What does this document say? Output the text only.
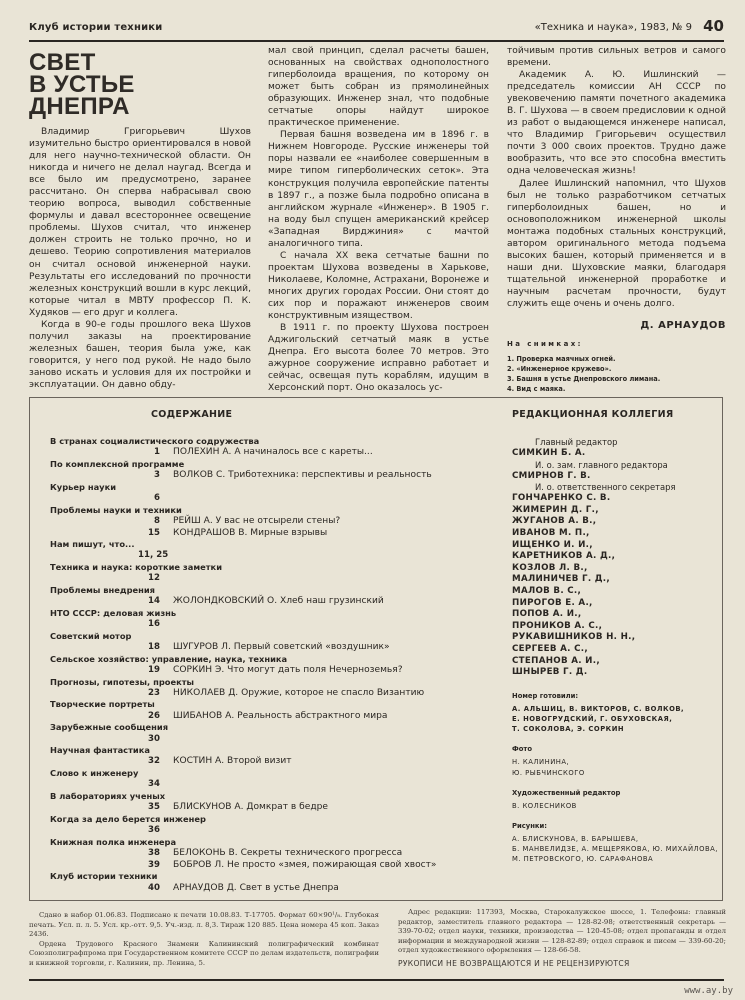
Клуб истории техники	«Техника и наука», 1983, № 9 40
СВЕТ
В УСТЬЕ
ДНЕПРА

Владимир Григорьевич Шухов изумительно быстро ориентировался в новой для него научно-технической области. Он никогда и ничего не делал наугад. Всегда и все было им предусмотрено, заранее рассчитано. Он сперва набрасывал свою теорию вопроса, выводил собственные формулы и давал всестороннее освещение проблемы. Шухов считал, что инженер должен строить не только прочно, но и дешево. Теорию сопротивления материалов он считал основой инженерной науки. Результаты его исследований по прочности железных конструкций вошли в курс лекций, которые читал в МВТУ профессор П. К. Худяков — его друг и коллега.

Когда в 90-е годы прошлого века Шухов получил заказы на проектирование железных башен, теория была уже, как говорится, у него под рукой. Не надо было заново искать и условия для их постройки и эксплуатации. Он давно обду-

мал свой принцип, сделал расчеты башен, основанных на свойствах однополостного гиперболоида вращения, по которому он может быть собран из прямолинейных образующих. Инженер знал, что подобные сетчатые опоры найдут широкое практическое применение.

Первая башня возведена им в 1896 г. в Нижнем Новгороде. Русские инженеры той поры назвали ее «наиболее совершенным в мире типом гиперболических сеток». Эта конструкция получила европейские патенты в 1897 г., а позже была подробно описана в английском журнале «Инженер». В 1905 г. на воду был спущен американский крейсер «Западная Вирджиния» с мачтой аналогичного типа.

С начала XX века сетчатые башни по проектам Шухова возведены в Харькове, Николаеве, Коломне, Астрахани, Воронеже и многих других городах России. Они стоят до сих пор и поражают инженеров своим конструктивным изяществом.

В 1911 г. по проекту Шухова построен Аджигольский сетчатый маяк в устье Днепра. Его высота более 70 метров. Это ажурное сооружение исправно работает и сейчас, освещая путь кораблям, идущим в Херсонский порт. Оно оказалось ус-

тойчивым против сильных ветров и самого времени.

Академик А. Ю. Ишлинский — председатель комиссии АН СССР по увековечению памяти почетного академика В. Г. Шухова — в своем предисловии к одной из работ о выдающемся инженере написал, что Владимир Григорьевич осуществил почти 3 000 своих проектов. Трудно даже вообразить, что все это способна вместить одна человеческая жизнь!

Далее Ишлинский напомнил, что Шухов был не только разработчиком сетчатых гиперболоидных башен, но и основоположником инженерной школы монтажа подобных стальных конструкций, автором оригинального метода подъема высоких башен, который применяется и в наши дни. Шуховские маяки, благодаря тщательной инженерной проработке и научным расчетам прочности, будут служить еще очень и очень долго.

Д. АРНАУДОВ
На снимках:
1. Проверка маячных огней.
2. «Инженерное кружево».
3. Башня в устье Днепровского лимана.
4. Вид с маяка.
СОДЕРЖАНИЕ
В странах социалистического содружества
1 ПОЛЕХИН А. А начиналось все с кареты...
По комплексной программе
3 ВОЛКОВ С. Триботехника: перспективы и реальность
Курьер науки
6
Проблемы науки и техники
8 РЕЙШ А. У вас не отсырели стены?
15 КОНДРАШОВ В. Мирные взрывы
Нам пишут, что...
11, 25
Техника и наука: короткие заметки
12
Проблемы внедрения
14 ЖОЛОНДКОВСКИЙ О. Хлеб наш грузинский
НТО СССР: деловая жизнь
16
Советский мотор
18 ШУГУРОВ Л. Первый советский «воздушник»
Сельское хозяйство: управление, наука, техника
19 СОРКИН Э. Что могут дать поля Нечерноземья?
Прогнозы, гипотезы, проекты
23 НИКОЛАЕВ Д. Оружие, которое не спасло Византию
Творческие портреты
26 ШИБАНОВ А. Реальность абстрактного мира
Зарубежные сообщения
30
Научная фантастика
32 КОСТИН А. Второй визит
Слово к инженеру
34
В лабораториях ученых
35 БЛИСКУНОВ А. Домкрат в бедре
Когда за дело берется инженер
36
Книжная полка инженера
38 БЕЛОКОНЬ В. Секреты технического прогресса
39 БОБРОВ Л. Не просто «змея, пожирающая свой хвост»
Клуб истории техники
40 АРНАУДОВ Д. Свет в устье Днепра
РЕДАКЦИОННАЯ КОЛЛЕГИЯ
Главный редактор
СИМКИН Б. А.
И. о. зам. главного редактора
СМИРНОВ Г. В.
И. о. ответственного секретаря
ГОНЧАРЕНКО С. В.
ЖИМЕРИН Д. Г.,
ЖУГАНОВ А. В.,
ИВАНОВ М. П.,
ИЩЕНКО И. И.,
КАРЕТНИКОВ А. Д.,
КОЗЛОВ Л. В.,
МАЛИНИЧЕВ Г. Д.,
МАЛОВ В. С.,
ПИРОГОВ Е. А.,
ПОПОВ А. И.,
ПРОНИКОВ А. С.,
РУКАВИШНИКОВ Н. Н.,
СЕРГЕЕВ А. С.,
СТЕПАНОВ А. И.,
ШНЫРЕВ Г. Д.
Номер готовили:
А. АЛЬШИЦ, В. ВИКТОРОВ, С. ВОЛКОВ,
Е. НОВОГРУДСКИЙ, Г. ОБУХОВСКАЯ,
Т. СОКОЛОВА, Э. СОРКИН
Фото
Н. КАЛИНИНА,
Ю. РЫБЧИНСКОГО
Художественный редактор
В. КОЛЕСНИКОВ
Рисунки:
А. БЛИСКУНОВА, В. БАРЫШЕВА,
Б. МАНВЕЛИДЗЕ, А. МЕЩЕРЯКОВА, Ю. МИХАЙЛОВА,
М. ПЕТРОВСКОГО, Ю. САРАФАНОВА

Сдано в набор 01.06.83. Подписано к печати 10.08.83. Т-17705. Формат 60×90¹/₈. Глубокая печать. Усл. п. л. 5. Усл. кр.-отт. 9,5. Уч.-изд. л. 8,3. Тираж 120 885. Цена номера 45 коп. Заказ 2436.

Ордена Трудового Красного Знамени Калининский полиграфический комбинат Союзполиграфпрома при Государственном комитете СССР по делам издательств, полиграфии и книжной торговли, г. Калинин, пр. Ленина, 5.

Адрес редакции: 117393, Москва, Старокалужское шоссе, 1. Телефоны: главный редактор, заместитель главного редактора — 128-82-98; ответственный секретарь — 339-70-02; отдел науки, техники, производства — 120-45-08; отдел пропаганды и отдел информации и международной жизни — 128-82-89; отдел справок и писем — 339-60-20; отдел художественного оформления — 128-66-58.

РУКОПИСИ НЕ ВОЗВРАЩАЮТСЯ И НЕ РЕЦЕНЗИРУЮТСЯ

www.ay.by
